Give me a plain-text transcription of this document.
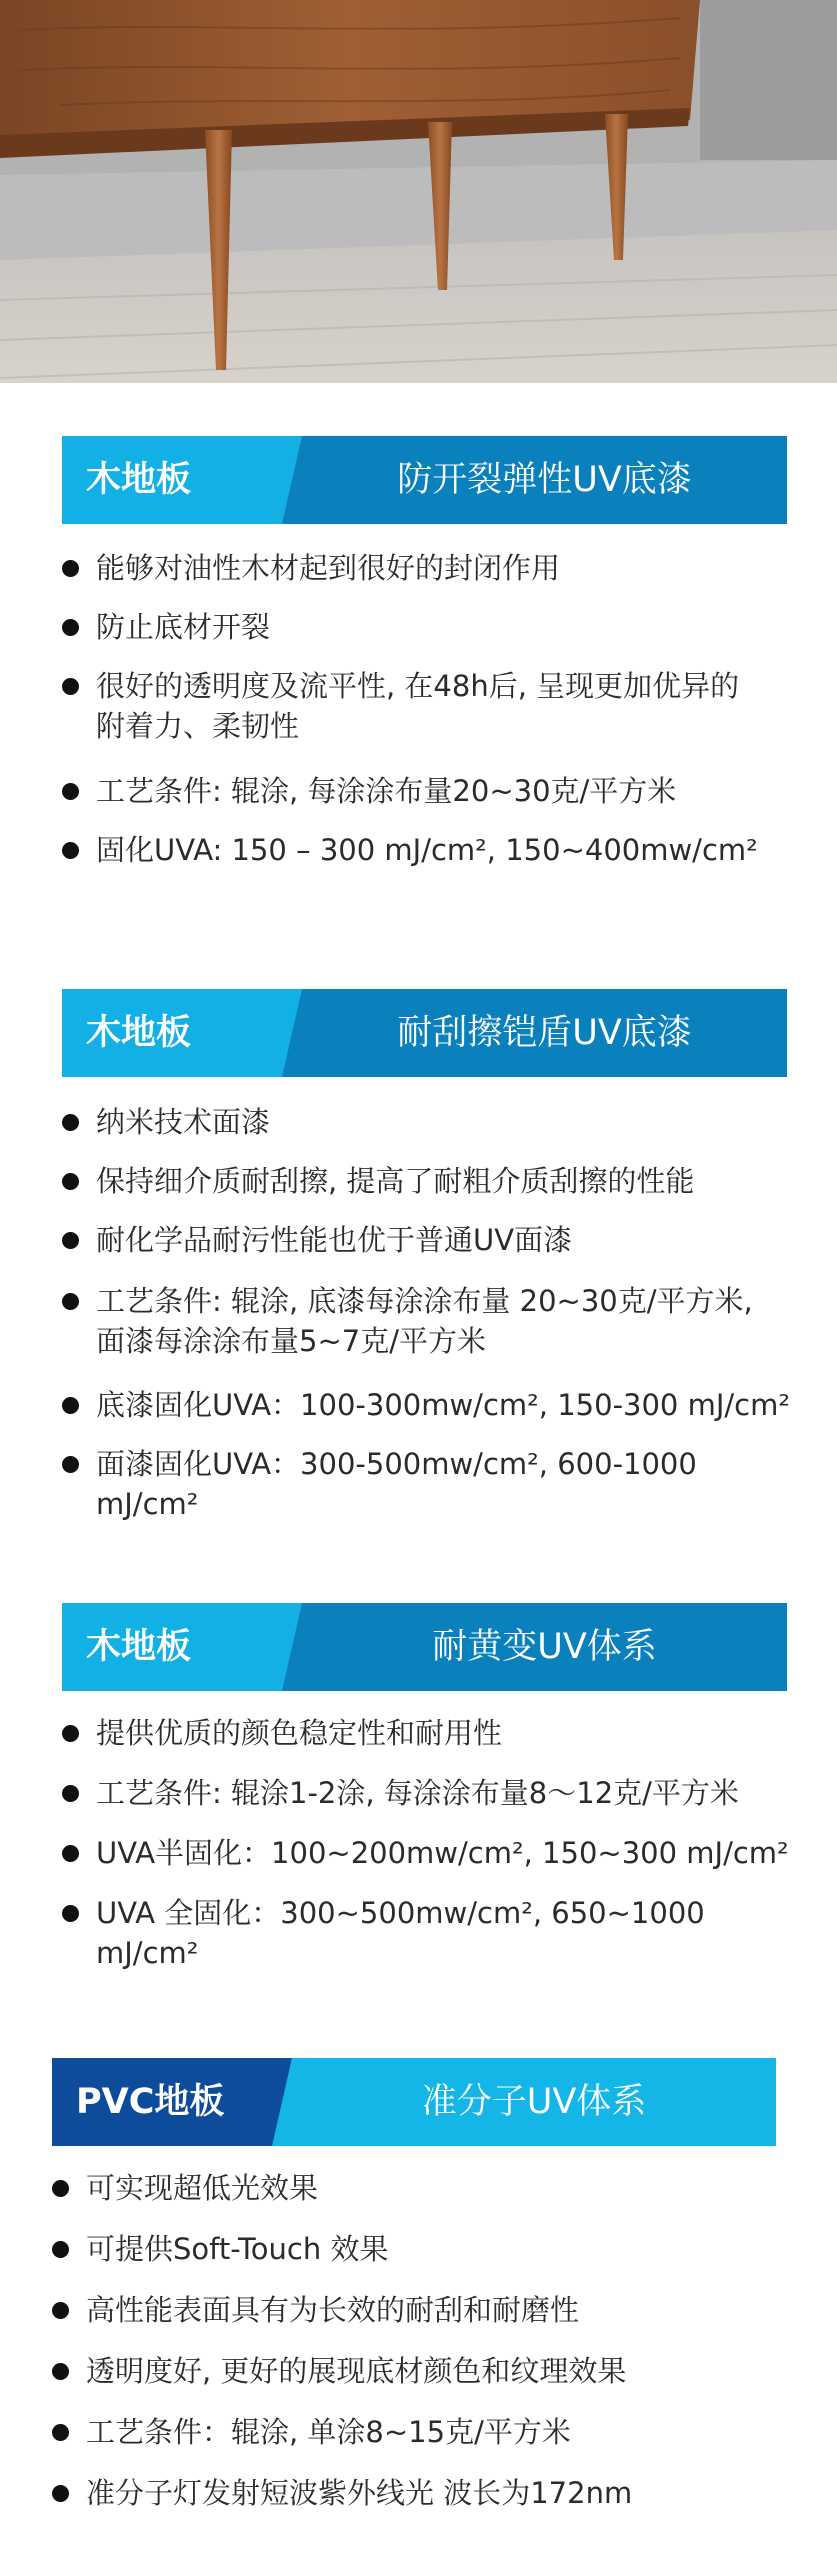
木地板	防开裂弹性UV底漆
能够对油性木材起到很好的封闭作用
防止底材开裂
很好的透明度及流平性, 在48h后, 呈现更加优异的
附着力、柔韧性
工艺条件: 辊涂, 每涂涂布量20~30克/平方米
固化UVA: 150 – 300 mJ/cm², 150~400mw/cm²
木地板	耐刮擦铠盾UV底漆
纳米技术面漆
保持细介质耐刮擦, 提高了耐粗介质刮擦的性能
耐化学品耐污性能也优于普通UV面漆
工艺条件: 辊涂, 底漆每涂涂布量 20~30克/平方米,
面漆每涂涂布量5~7克/平方米
底漆固化UVA：100-300mw/cm², 150-300 mJ/cm²
面漆固化UVA：300-500mw/cm², 600-1000 mJ/cm²
木地板	耐黄变UV体系
提供优质的颜色稳定性和耐用性
工艺条件: 辊涂1-2涂, 每涂涂布量8～12克/平方米
UVA半固化：100~200mw/cm², 150~300 mJ/cm²
UVA 全固化：300~500mw/cm², 650~1000 mJ/cm²
PVC地板	准分子UV体系
可实现超低光效果
可提供Soft-Touch 效果
高性能表面具有为长效的耐刮和耐磨性
透明度好, 更好的展现底材颜色和纹理效果
工艺条件：辊涂, 单涂8~15克/平方米
准分子灯发射短波紫外线光 波长为172nm
